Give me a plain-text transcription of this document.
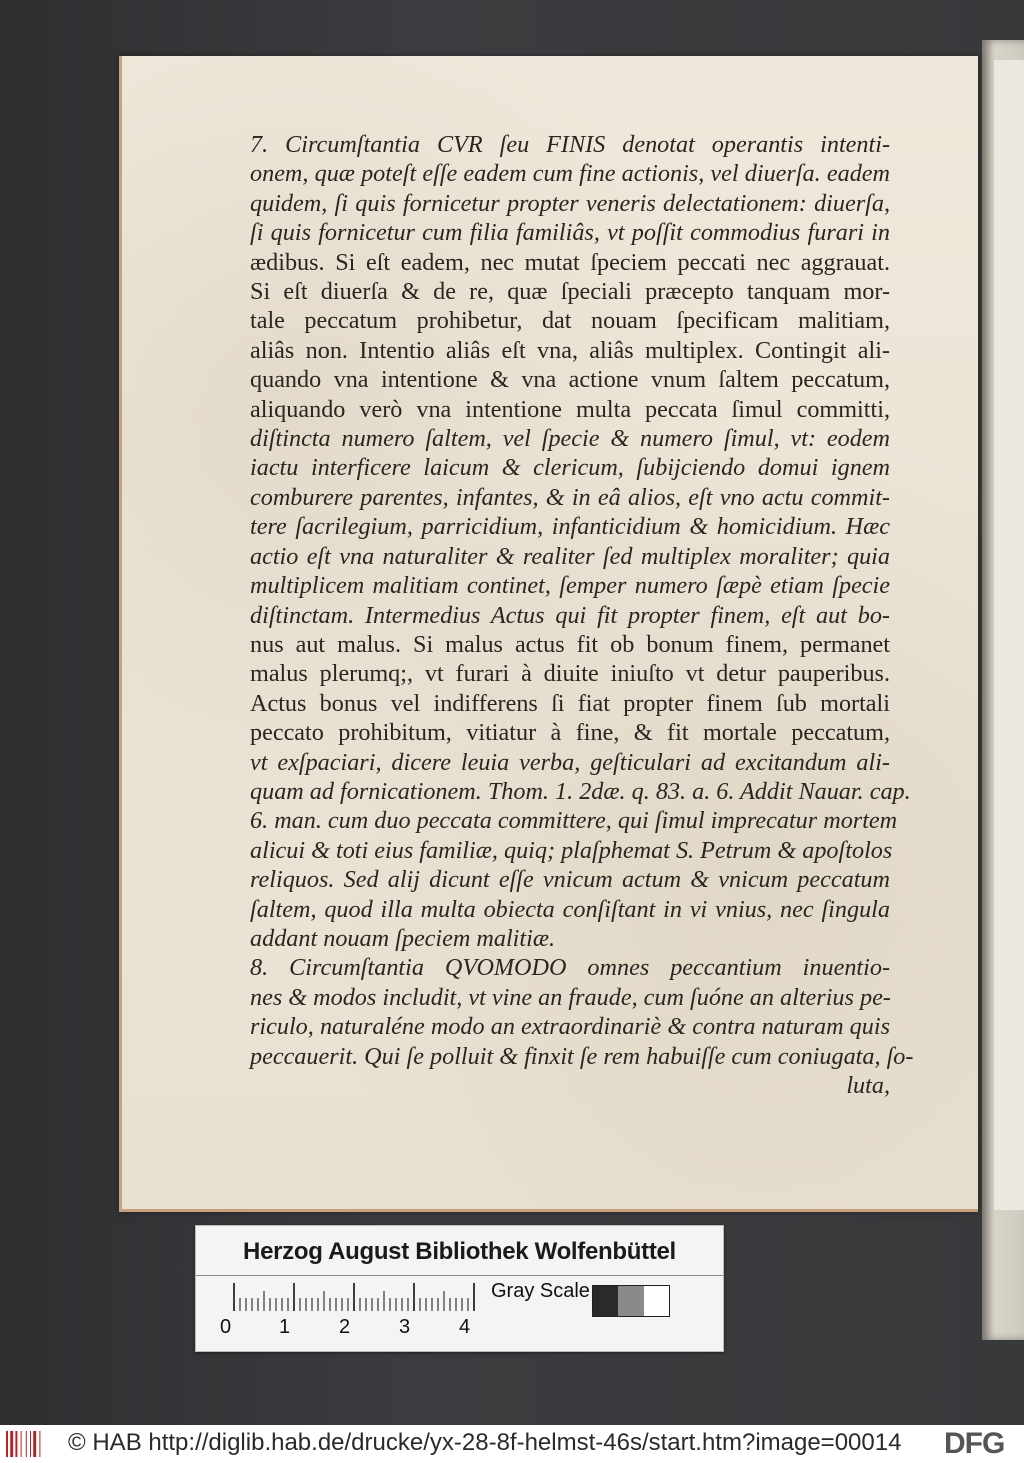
7. Circumſtantia CVR ſeu FINIS denotat operantis intenti-
onem, quæ poteſt eſſe eadem cum fine actionis, vel diuerſa. eadem
quidem, ſi quis fornicetur propter veneris delectationem: diuerſa,
ſi quis fornicetur cum filia familiâs, vt poſſit commodius furari in
ædibus. Si eſt eadem, nec mutat ſpeciem peccati nec aggrauat.
Si eſt diuerſa & de re, quæ ſpeciali præcepto tanquam mor-
tale peccatum prohibetur, dat nouam ſpecificam malitiam,
aliâs non. Intentio aliâs eſt vna, aliâs multiplex. Contingit ali-
quando vna intentione & vna actione vnum ſaltem peccatum,
aliquando verò vna intentione multa peccata ſimul committi,
diſtincta numero ſaltem, vel ſpecie & numero ſimul, vt: eodem
iactu interficere laicum & clericum, ſubijciendo domui ignem
comburere parentes, infantes, & in eâ alios, eſt vno actu commit-
tere ſacrilegium, parricidium, infanticidium & homicidium. Hæc
actio eſt vna naturaliter & realiter ſed multiplex moraliter; quia
multiplicem malitiam continet, ſemper numero ſæpè etiam ſpecie
diſtinctam. Intermedius Actus qui fit propter finem, eſt aut bo-
nus aut malus. Si malus actus fit ob bonum finem, permanet
malus plerumq;, vt furari à diuite iniuſto vt detur pauperibus.
Actus bonus vel indifferens ſi fiat propter finem ſub mortali
peccato prohibitum, vitiatur à fine, & fit mortale peccatum,
vt exſpaciari, dicere leuia verba, geſticulari ad excitandum ali-
quam ad fornicationem. Thom. 1. 2dæ. q. 83. a. 6. Addit Nauar. cap.
6. man. cum duo peccata committere, qui ſimul imprecatur mortem
alicui & toti eius familiæ, quiq; plaſphemat S. Petrum & apoſtolos
reliquos. Sed alij dicunt eſſe vnicum actum & vnicum peccatum
ſaltem, quod illa multa obiecta conſiſtant in vi vnius, nec ſingula
addant nouam ſpeciem malitiæ.
8. Circumſtantia QVOMODO omnes peccantium inuentio-
nes & modos includit, vt vine an fraude, cum ſuóne an alterius pe-
riculo, naturaléne modo an extraordinariè & contra naturam quis
peccauerit. Qui ſe polluit & finxit ſe rem habuiſſe cum coniugata, ſo-
luta,
Herzog August Bibliothek Wolfenbüttel
0 1 2 3 4
Gray Scale
© HAB http://diglib.hab.de/drucke/yx-28-8f-helmst-46s/start.htm?image=00014 DFG
